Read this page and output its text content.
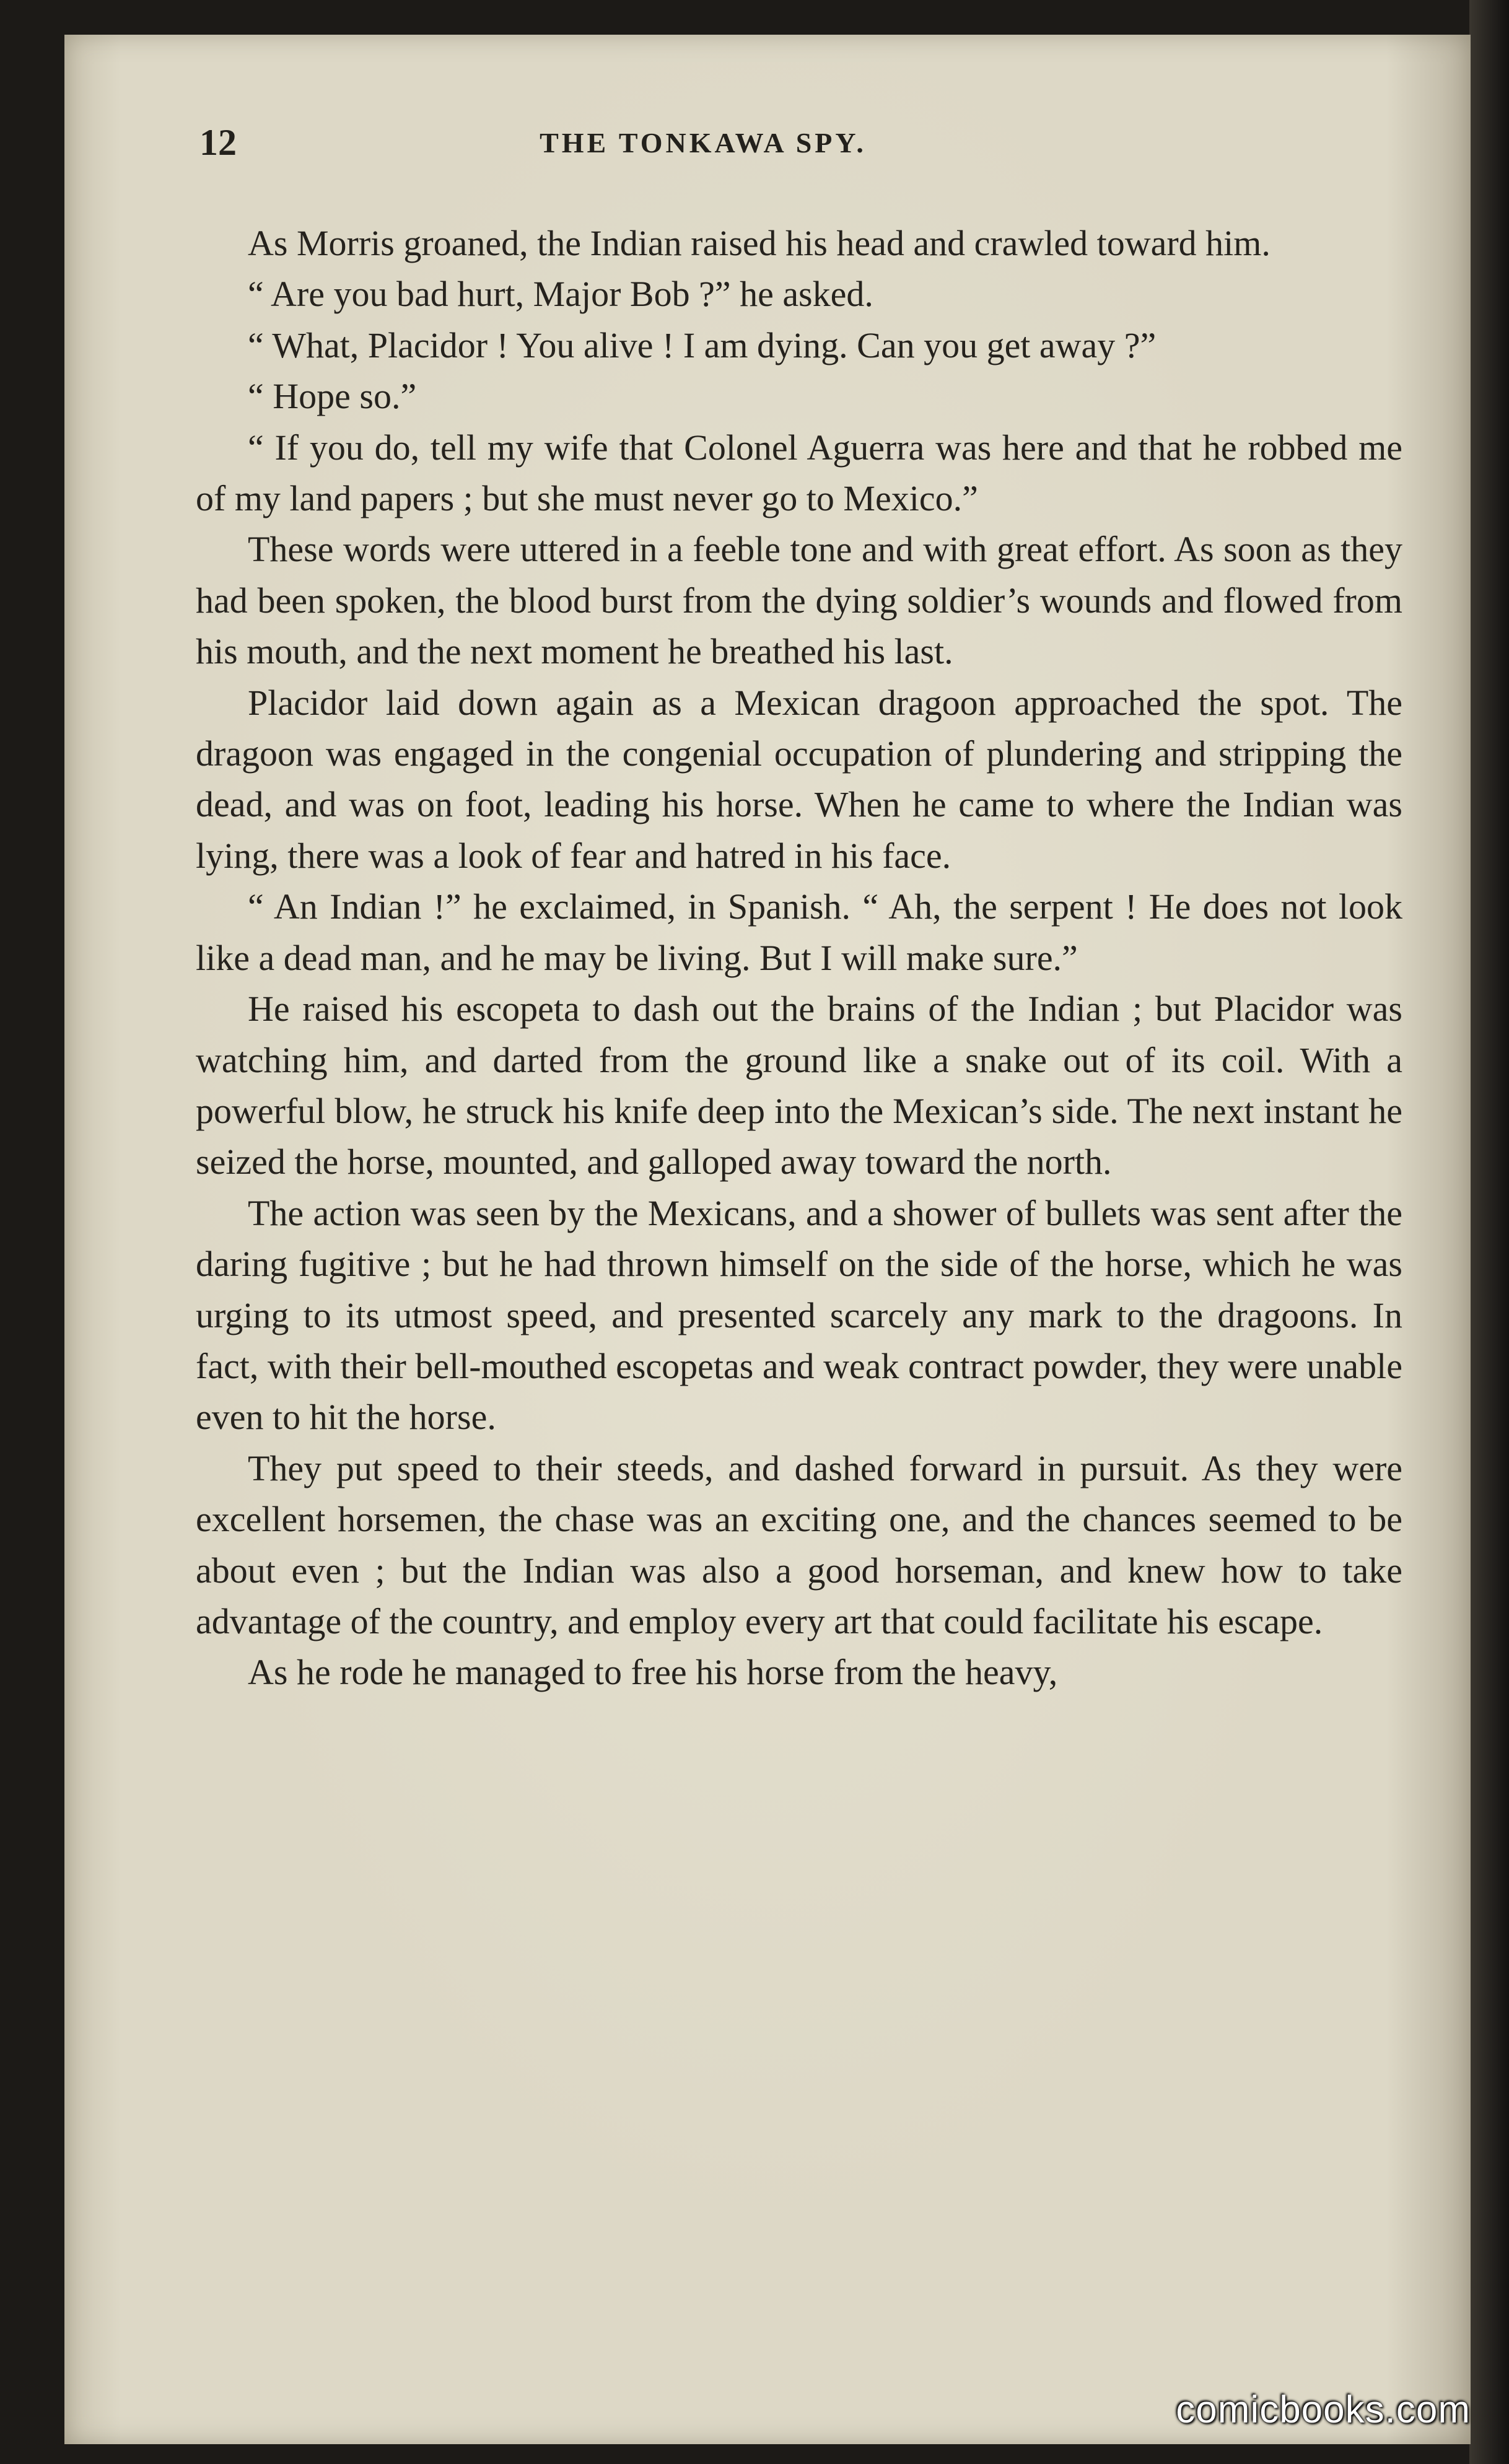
12	THE TONKAWA SPY.

As Morris groaned, the Indian raised his head and crawled toward him.

“ Are you bad hurt, Major Bob ?” he asked.

“ What, Placidor ! You alive ! I am dying. Can you get away ?”

“ Hope so.”

“ If you do, tell my wife that Colonel Aguerra was here and that he robbed me of my land papers ; but she must never go to Mexico.”

These words were uttered in a feeble tone and with great effort. As soon as they had been spoken, the blood burst from the dying soldier’s wounds and flowed from his mouth, and the next moment he breathed his last.

Placidor laid down again as a Mexican dragoon approached the spot. The dragoon was engaged in the congenial occupation of plundering and stripping the dead, and was on foot, leading his horse. When he came to where the Indian was lying, there was a look of fear and hatred in his face.

“ An Indian !” he exclaimed, in Spanish. “ Ah, the serpent ! He does not look like a dead man, and he may be living. But I will make sure.”

He raised his escopeta to dash out the brains of the Indian ; but Placidor was watching him, and darted from the ground like a snake out of its coil. With a powerful blow, he struck his knife deep into the Mexican’s side. The next instant he seized the horse, mounted, and galloped away toward the north.

The action was seen by the Mexicans, and a shower of bullets was sent after the daring fugitive ; but he had thrown himself on the side of the horse, which he was urging to its utmost speed, and presented scarcely any mark to the dragoons. In fact, with their bell-mouthed escopetas and weak contract powder, they were unable even to hit the horse.

They put speed to their steeds, and dashed forward in pursuit. As they were excellent horsemen, the chase was an exciting one, and the chances seemed to be about even ; but the Indian was also a good horseman, and knew how to take advantage of the country, and employ every art that could facilitate his escape.

As he rode he managed to free his horse from the heavy,

comicbooks.com
